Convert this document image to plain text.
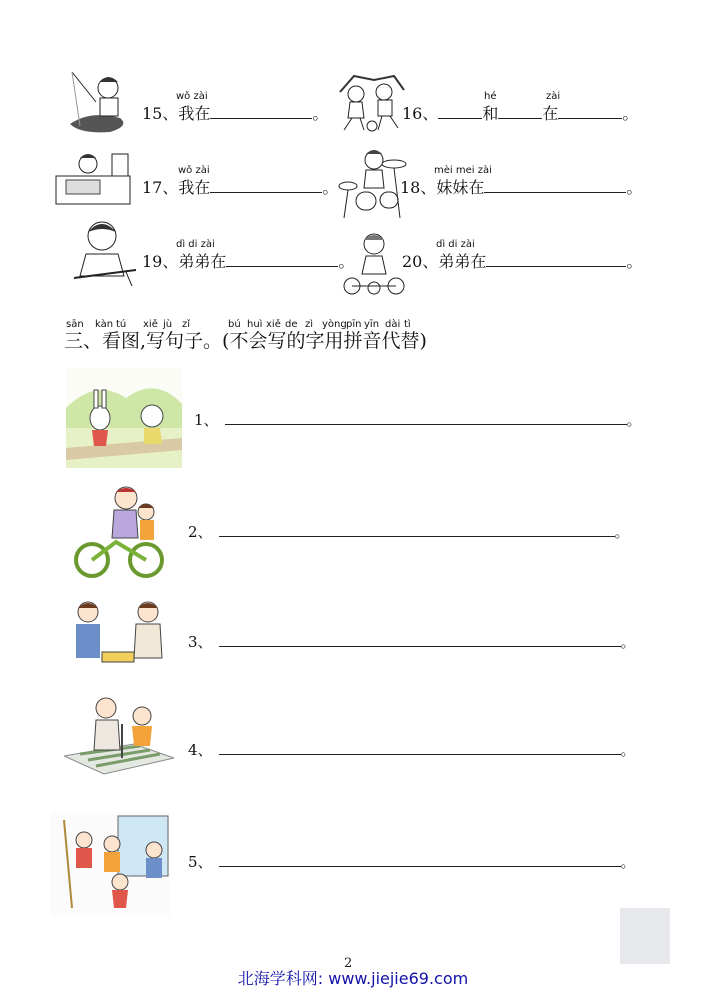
wǒ zài
15、我在	。
hé	zài
16、	和	在	。
wǒ zài
17、我在	。
mèi mei zài
18、妹妹在	。
dì di zài
19、弟弟在	。
dì di zài
20、弟弟在	。
sān kàn tú xiě jù zǐ	bú huì xiě de zì yòng pīn yīn dài tì
三、看图,写句子。(不会写的字用拼音代替)
1、	。
2、	。
3、	。
4、	。
5、	。
2
北海学科网: www.jiejie69.com
